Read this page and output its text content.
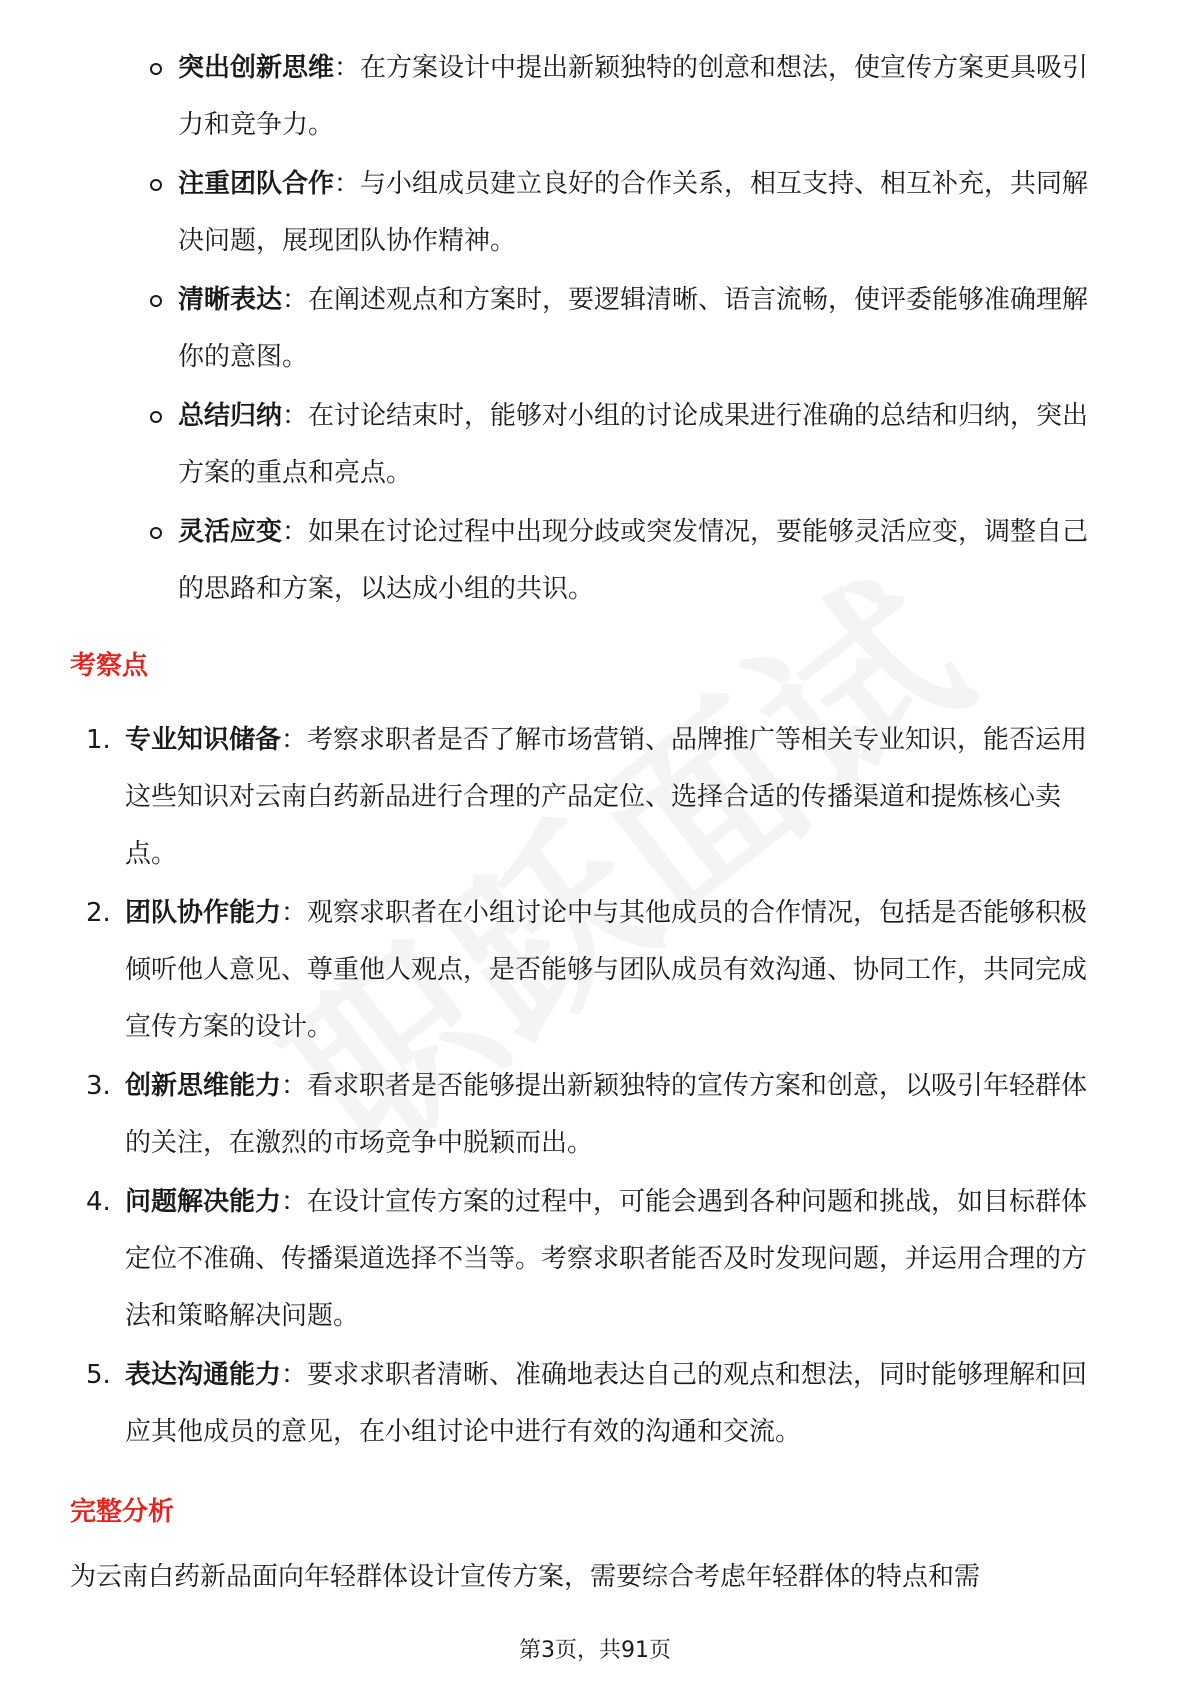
突出创新思维：在方案设计中提出新颖独特的创意和想法，使宣传方案更具吸引力和竞争力。
注重团队合作：与小组成员建立良好的合作关系，相互支持、相互补充，共同解决问题，展现团队协作精神。
清晰表达：在阐述观点和方案时，要逻辑清晰、语言流畅，使评委能够准确理解你的意图。
总结归纳：在讨论结束时，能够对小组的讨论成果进行准确的总结和归纳，突出方案的重点和亮点。
灵活应变：如果在讨论过程中出现分歧或突发情况，要能够灵活应变，调整自己的思路和方案，以达成小组的共识。
考察点
1. 专业知识储备：考察求职者是否了解市场营销、品牌推广等相关专业知识，能否运用这些知识对云南白药新品进行合理的产品定位、选择合适的传播渠道和提炼核心卖点。
2. 团队协作能力：观察求职者在小组讨论中与其他成员的合作情况，包括是否能够积极倾听他人意见、尊重他人观点，是否能够与团队成员有效沟通、协同工作，共同完成宣传方案的设计。
3. 创新思维能力：看求职者是否能够提出新颖独特的宣传方案和创意，以吸引年轻群体的关注，在激烈的市场竞争中脱颖而出。
4. 问题解决能力：在设计宣传方案的过程中，可能会遇到各种问题和挑战，如目标群体定位不准确、传播渠道选择不当等。考察求职者能否及时发现问题，并运用合理的方法和策略解决问题。
5. 表达沟通能力：要求求职者清晰、准确地表达自己的观点和想法，同时能够理解和回应其他成员的意见，在小组讨论中进行有效的沟通和交流。
完整分析
为云南白药新品面向年轻群体设计宣传方案，需要综合考虑年轻群体的特点和需
第3页，共91页
